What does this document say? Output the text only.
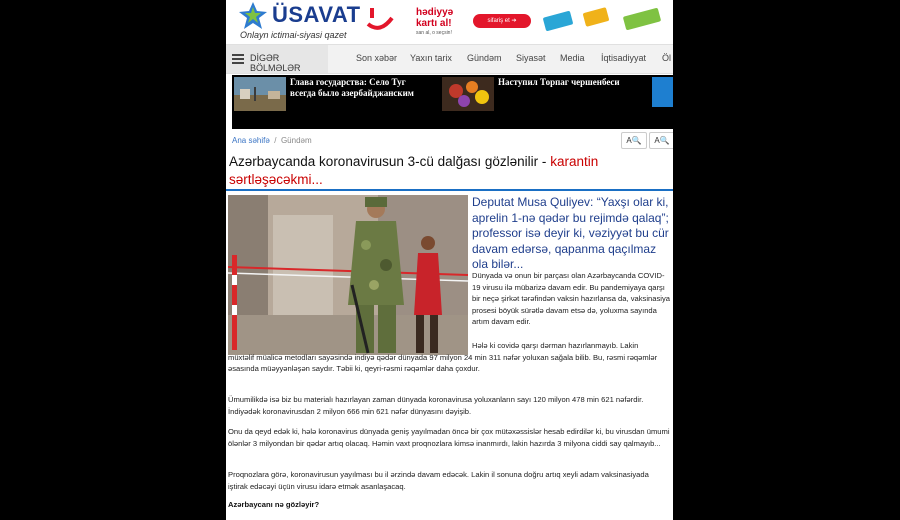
ÜSAVAT
Onlayn ictimai-siyasi qazet
hədiyyə
kartı al!
san al, o seçsin!
sifariş et ➔
DİGƏR BÖLMƏLƏR
Son xəbər Yaxın tarix Gündəm Siyasət Media İqtisadiyyat Öl
Глава государства: Село Туг всегда было азербайджанским
Наступил Торпаг чершенбеси
Ana səhifə / Gündəm	A🔍	A🔍
Azərbaycanda koronavirusun 3-cü dalğası gözlənilir - karantin sərtləşəcəkmi...
Deputat Musa Quliyev: “Yaxşı olar ki, aprelin 1-nə qədər bu rejimdə qalaq”; professor isə deyir ki, vəziyyət bu cür davam edərsə, qapanma qaçılmaz ola bilər...
Dünyada və onun bir parçası olan Azərbaycanda COVID-19 virusu ilə mübarizə davam edir. Bu pandemiyaya qarşı bir neçə şirkət tərəfindən vaksin hazırlansa da, vaksinasiya prosesi böyük sürətlə davam etsə də, yoluxma sayında artım davam edir.
Hələ ki covidə qarşı dərman hazırlanmayıb. Lakin
müxtəlif müalicə metodları sayəsində indiyə qədər dünyada 97 milyon 24 min 311 nəfər yoluxan sağala bilib. Bu, rəsmi rəqəmlər əsasında müəyyənləşən saydır. Təbii ki, qeyri-rəsmi rəqəmlər daha çoxdur.
Ümumilikdə isə biz bu materialı hazırlayan zaman dünyada koronavirusa yoluxanların sayı 120 milyon 478 min 621 nəfərdir. İndiyədək koronavirusdan 2 milyon 666 min 621 nəfər dünyasını dəyişib.
Onu da qeyd edək ki, hələ koronavirus dünyada geniş yayılmadan öncə bir çox mütəxəssislər hesab edirdilər ki, bu virusdan ümumi ölənlər 3 milyondan bir qədər artıq olacaq. Həmin vaxt proqnozlara kimsə inanmırdı, lakin hazırda 3 milyona ciddi say qalmayıb...
Proqnozlara görə, koronavirusun yayılması bu il ərzində davam edəcək. Lakin il sonuna doğru artıq xeyli adam vaksinasiyada iştirak edəcəyi üçün virusu idarə etmək asanlaşacaq.
Azərbaycanı nə gözləyir?
